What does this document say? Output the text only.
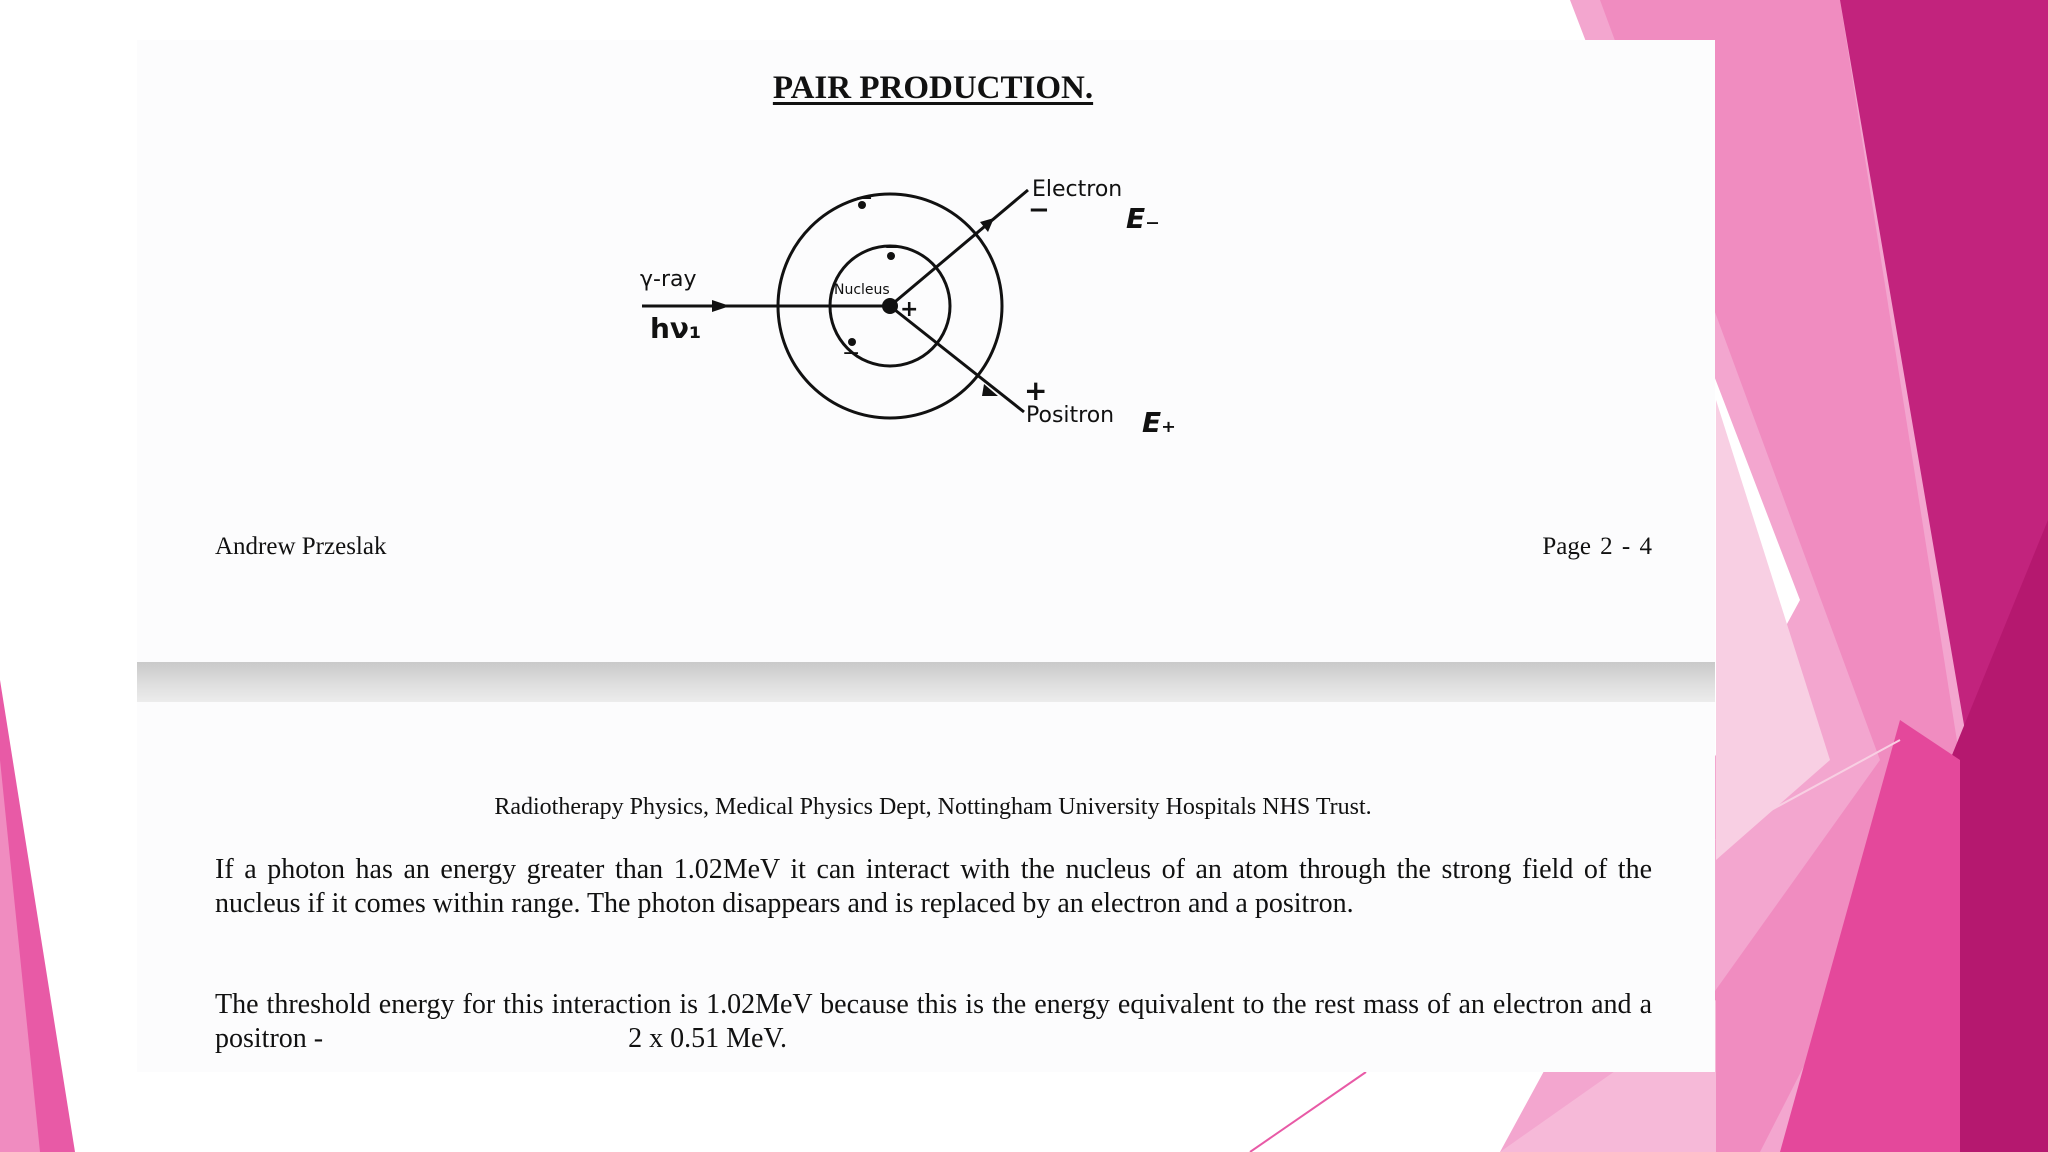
PAIR PRODUCTION.
−
−
−
Nucleus
+
γ-ray
hν₁
Electron
−	E₋
+
Positron E₊
Andrew Przeslak	Page 2 - 4
Radiotherapy Physics, Medical Physics Dept, Nottingham University Hospitals NHS Trust.
If a photon has an energy greater than 1.02MeV it can interact with the nucleus of an atom through the strong field of the nucleus if it comes within range. The photon disappears and is replaced by an electron and a positron.
The threshold energy for this interaction is 1.02MeV because this is the energy equivalent to the rest mass of an electron and a positron -	2 x 0.51 MeV.
